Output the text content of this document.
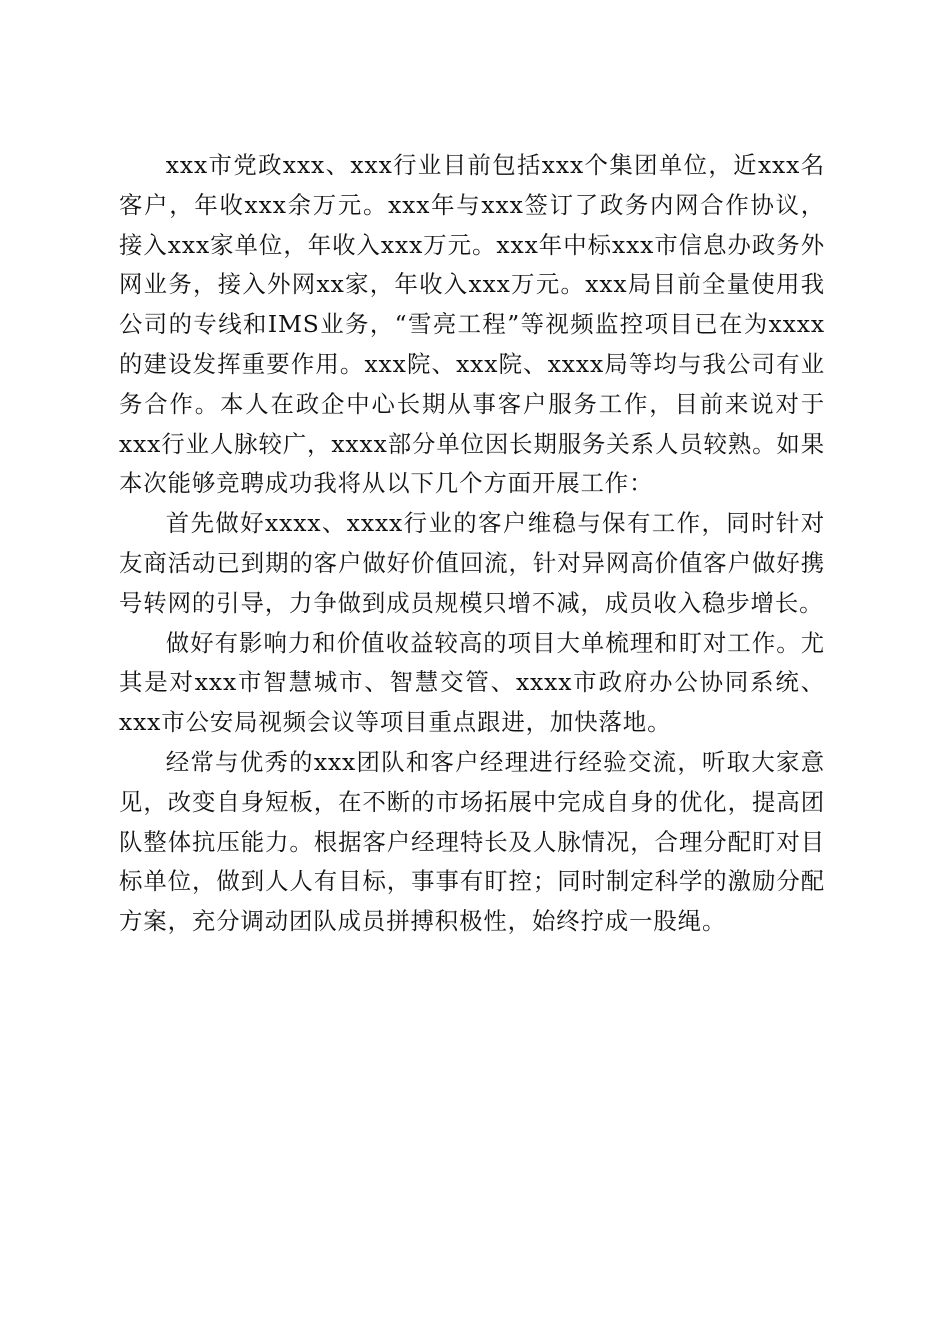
xxx市党政xxx、xxx行业目前包括xxx个集团单位，近xxx名客户，年收xxx余万元。xxx年与xxx签订了政务内网合作协议，接入xxx家单位，年收入xxx万元。xxx年中标xxx市信息办政务外网业务，接入外网xx家，年收入xxx万元。xxx局目前全量使用我公司的专线和IMS业务，“雪亮工程”等视频监控项目已在为xxxx的建设发挥重要作用。xxx院、xxx院、xxxx局等均与我公司有业务合作。本人在政企中心长期从事客户服务工作，目前来说对于xxx行业人脉较广，xxxx部分单位因长期服务关系人员较熟。如果本次能够竞聘成功我将从以下几个方面开展工作：

首先做好xxxx、xxxx行业的客户维稳与保有工作，同时针对友商活动已到期的客户做好价值回流，针对异网高价值客户做好携号转网的引导，力争做到成员规模只增不减，成员收入稳步增长。

做好有影响力和价值收益较高的项目大单梳理和盯对工作。尤其是对xxx市智慧城市、智慧交管、xxxx市政府办公协同系统、xxx市公安局视频会议等项目重点跟进，加快落地。

经常与优秀的xxx团队和客户经理进行经验交流，听取大家意见，改变自身短板，在不断的市场拓展中完成自身的优化，提高团队整体抗压能力。根据客户经理特长及人脉情况，合理分配盯对目标单位，做到人人有目标，事事有盯控；同时制定科学的激励分配方案，充分调动团队成员拼搏积极性，始终拧成一股绳。
